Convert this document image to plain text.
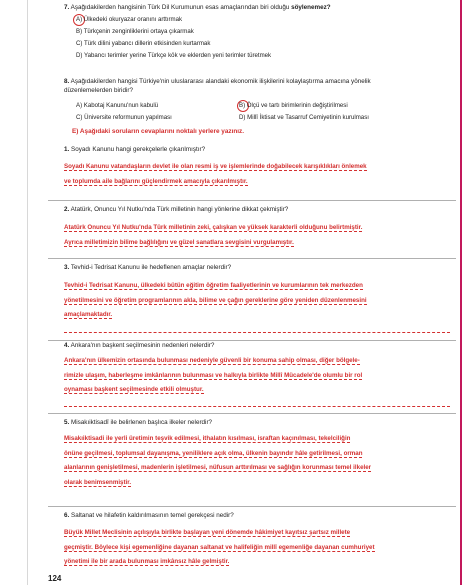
7. Aşağıdakilerden hangisinin Türk Dil Kurumunun esas amaçlarından biri olduğu söylenemez?
A) Ülkedeki okuryazar oranını arttırmak
B) Türkçenin zenginliklerini ortaya çıkarmak
C) Türk dilini yabancı dillerin etkisinden kurtarmak
D) Yabancı terimler yerine Türkçe kök ve eklerden yeni terimler türetmek
8. Aşağıdakilerden hangisi Türkiye'nin uluslararası alandaki ekonomik ilişkilerini kolaylaştırma amacına yönelik
düzenlemelerden biridir?
A) Kabotaj Kanunu'nun kabulü	B) Ölçü ve tartı birimlerinin değiştirilmesi
C) Üniversite reformunun yapılması	D) Millî İktisat ve Tasarruf Cemiyetinin kurulması
E) Aşağıdaki soruların cevaplarını noktalı yerlere yazınız.
1. Soyadı Kanunu hangi gerekçelerle çıkarılmıştır?
Soyadı Kanunu vatandaşların devlet ile olan resmi iş ve işlemlerinde doğabilecek karışıklıkları önlemek
ve toplumda aile bağlarını güçlendirmek amacıyla çıkarılmıştır.
2. Atatürk, Onuncu Yıl Nutku'nda Türk milletinin hangi yönlerine dikkat çekmiştir?
Atatürk Onuncu Yıl Nutku'nda Türk milletinin zeki, çalışkan ve yüksek karakterli olduğunu belirtmiştir.
Ayrıca milletimizin bilime bağlılığını ve güzel sanatlara sevgisini vurgulamıştır.
3. Tevhid-i Tedrisat Kanunu ile hedeflenen amaçlar nelerdir?
Tevhid-i Tedrisat Kanunu, ülkedeki bütün eğitim öğretim faaliyetlerinin ve kurumlarının tek merkezden
yönetilmesini ve öğretim programlarının akla, bilime ve çağın gereklerine göre yeniden düzenlenmesini
amaçlamaktadır.
4. Ankara'nın başkent seçilmesinin nedenleri nelerdir?
Ankara'nın ülkemizin ortasında bulunması nedeniyle güvenli bir konuma sahip olması, diğer bölgele-
rimizle ulaşım, haberleşme imkânlarının bulunması ve halkıyla birlikte Millî Mücadele'de olumlu bir rol
oynaması başkent seçilmesinde etkili olmuştur.
5. Misakıiktisadî ile belirlenen başlıca ilkeler nelerdir?
Misakıiktisadi ile yerli üretimin teşvik edilmesi, ithalatın kısılması, israftan kaçınılması, tekelciliğin
önüne geçilmesi, toplumsal dayanışma, yeniliklere açık olma, ülkenin bayındır hâle getirilmesi, orman
alanlarının genişletilmesi, madenlerin işletilmesi, nüfusun arttırılması ve sağlığın korunması temel ilkeler
olarak benimsenmiştir.
6. Saltanat ve hilafetin kaldırılmasının temel gerekçesi nedir?
Büyük Millet Meclisinin açılışıyla birlikte başlayan yeni dönemde hâkimiyet kayıtsız şartsız millete
geçmiştir. Böylece kişi egemenliğine dayanan saltanat ve halifeliğin millî egemenliğe dayanan cumhuriyet
yönetimi ile bir arada bulunması imkânsız hâle gelmiştir.
124
